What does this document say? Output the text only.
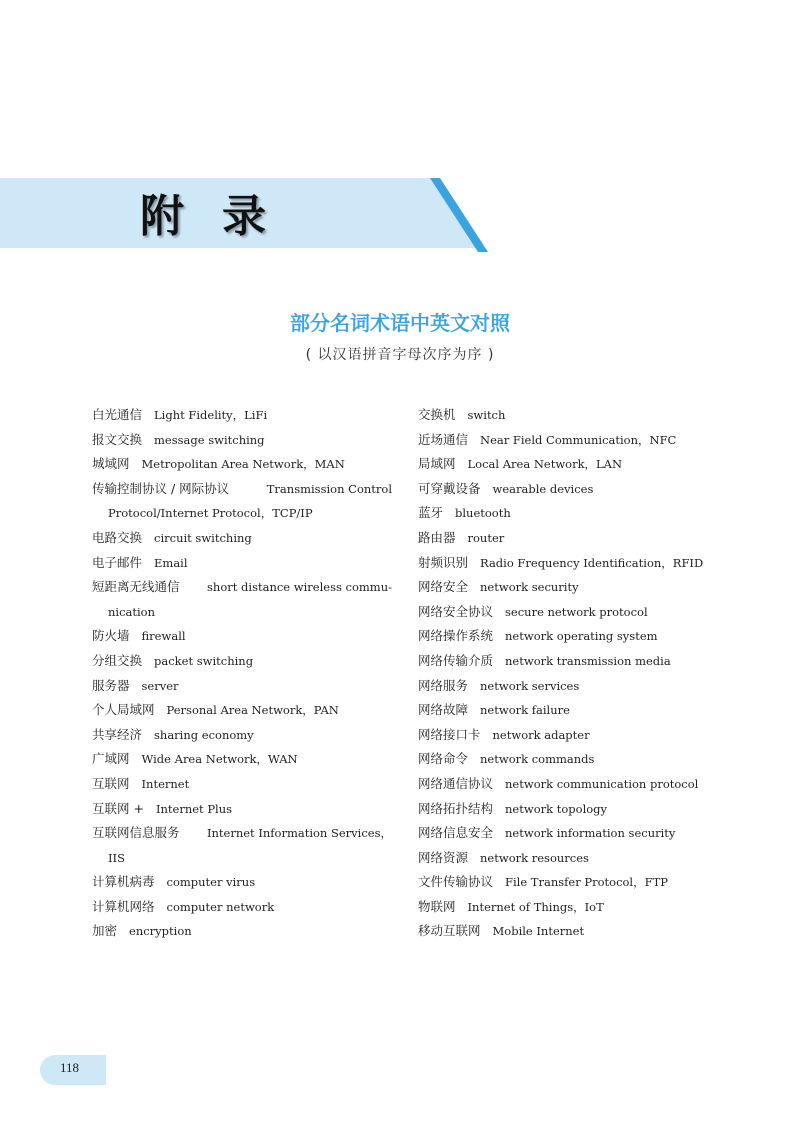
附录
部分名词术语中英文对照
( 以汉语拼音字母次序为序 )
白光通信 Light Fidelity，LiFi
报文交换 message switching
城域网 Metropolitan Area Network，MAN
传输控制协议 / 网际协议	Transmission Control
Protocol/Internet Protocol，TCP/IP
电路交换 circuit switching
电子邮件 Email
短距离无线通信 short distance wireless commu-
nication
防火墙 firewall
分组交换 packet switching
服务器 server
个人局域网 Personal Area Network，PAN
共享经济 sharing economy
广域网 Wide Area Network，WAN
互联网 Internet
互联网 + Internet Plus
互联网信息服务 Internet Information Services，
IIS
计算机病毒 computer virus
计算机网络 computer network
加密 encryption
交换机 switch
近场通信 Near Field Communication，NFC
局域网 Local Area Network，LAN
可穿戴设备 wearable devices
蓝牙 bluetooth
路由器 router
射频识别 Radio Frequency Identification，RFID
网络安全 network security
网络安全协议 secure network protocol
网络操作系统 network operating system
网络传输介质 network transmission media
网络服务 network services
网络故障 network failure
网络接口卡 network adapter
网络命令 network commands
网络通信协议 network communication protocol
网络拓扑结构 network topology
网络信息安全 network information security
网络资源 network resources
文件传输协议 File Transfer Protocol，FTP
物联网 Internet of Things，IoT
移动互联网 Mobile Internet
118
